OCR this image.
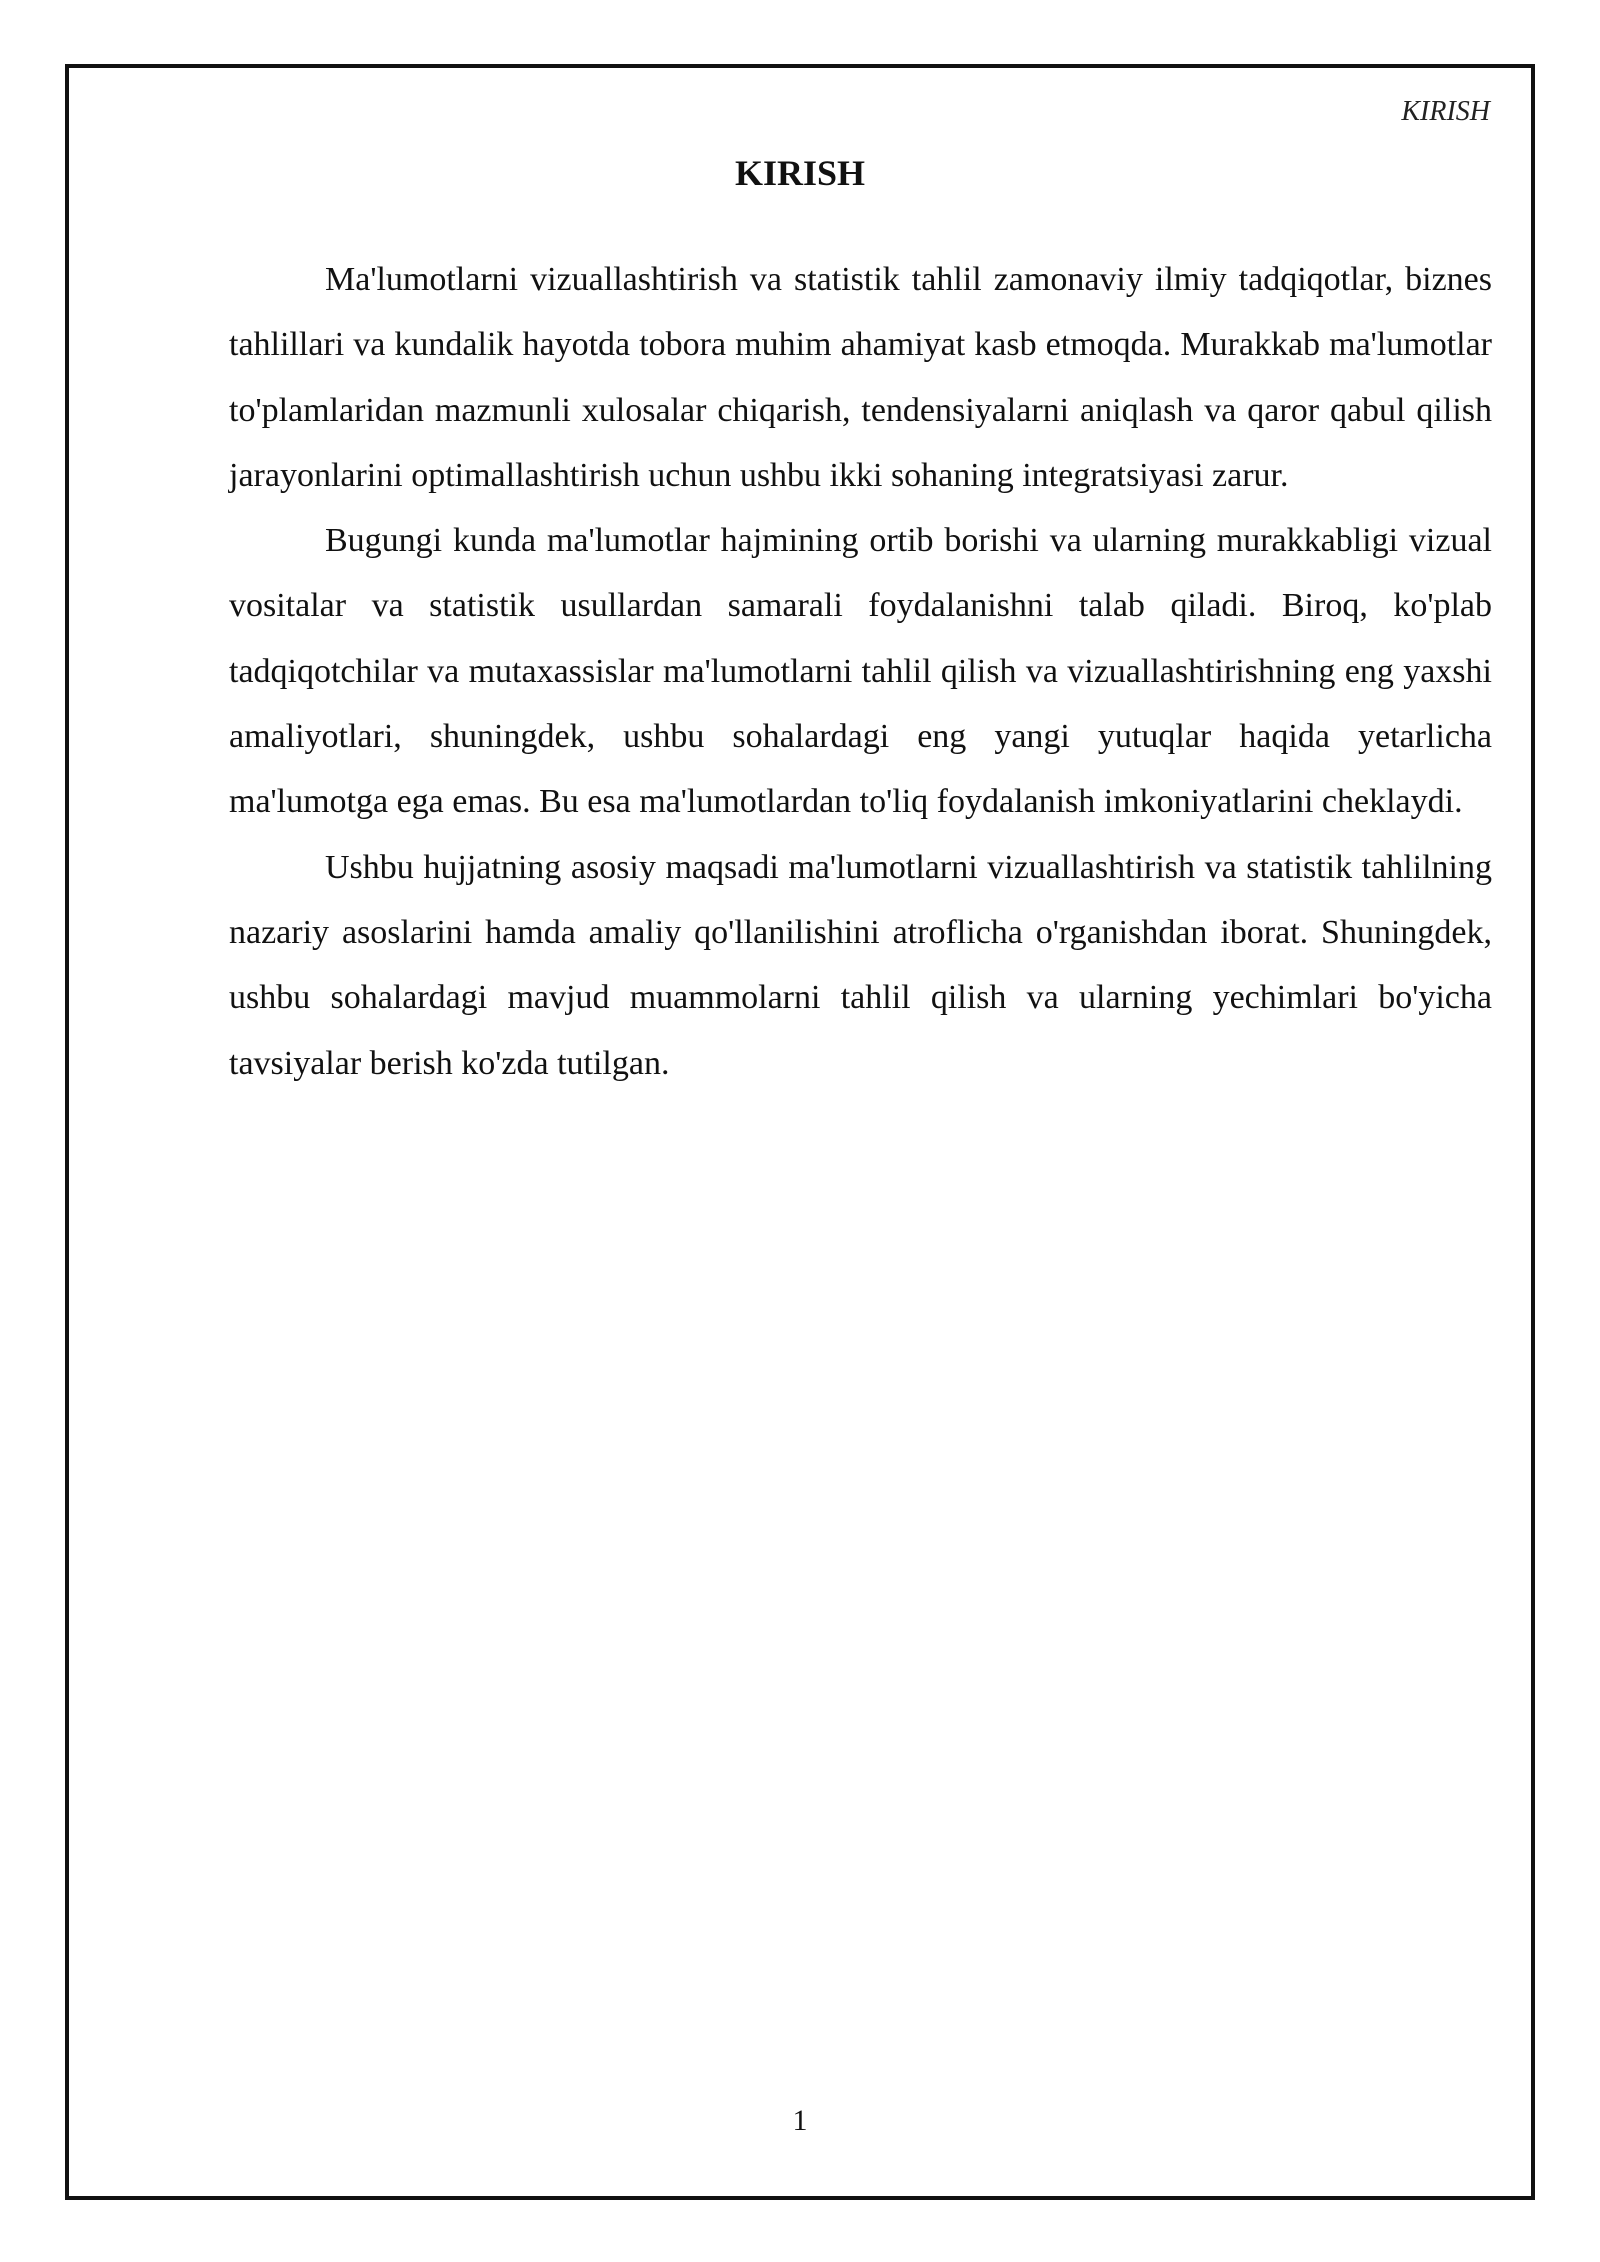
KIRISH
KIRISH

Ma'lumotlarni vizuallashtirish va statistik tahlil zamonaviy ilmiy tadqiqotlar, biznes tahlillari va kundalik hayotda tobora muhim ahamiyat kasb etmoqda. Murakkab ma'lumotlar to'plamlaridan mazmunli xulosalar chiqarish, tendensiyalarni aniqlash va qaror qabul qilish jarayonlarini optimallashtirish uchun ushbu ikki sohaning integratsiyasi zarur.

Bugungi kunda ma'lumotlar hajmining ortib borishi va ularning murakkabligi vizual vositalar va statistik usullardan samarali foydalanishni talab qiladi. Biroq, ko'plab tadqiqotchilar va mutaxassislar ma'lumotlarni tahlil qilish va vizuallashtirishning eng yaxshi amaliyotlari, shuningdek, ushbu sohalardagi eng yangi yutuqlar haqida yetarlicha ma'lumotga ega emas. Bu esa ma'lumotlardan to'liq foydalanish imkoniyatlarini cheklaydi.

Ushbu hujjatning asosiy maqsadi ma'lumotlarni vizuallashtirish va statistik tahlilning nazariy asoslarini hamda amaliy qo'llanilishini atroflicha o'rganishdan iborat. Shuningdek, ushbu sohalardagi mavjud muammolarni tahlil qilish va ularning yechimlari bo'yicha tavsiyalar berish ko'zda tutilgan.

1
